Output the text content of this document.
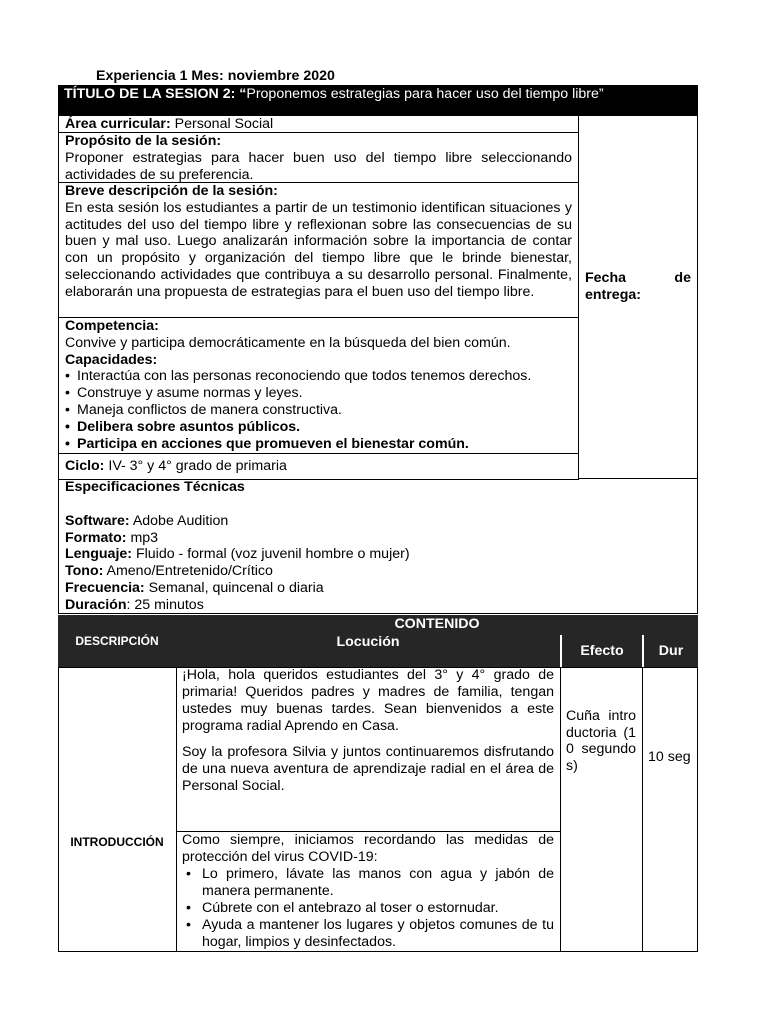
Experiencia 1 Mes: noviembre 2020
TÍTULO DE LA SESION 2: “Proponemos estrategias para hacer uso del tiempo libre”
Área curricular: Personal Social
Propósito de la sesión:
Proponer estrategias para hacer buen uso del tiempo libre seleccionando actividades de su preferencia.
Breve descripción de la sesión:
En esta sesión los estudiantes a partir de un testimonio identifican situaciones y actitudes del uso del tiempo libre y reflexionan sobre las consecuencias de su buen y mal uso. Luego analizarán información sobre la importancia de contar con un propósito y organización del tiempo libre que le brinde bienestar, seleccionando actividades que contribuya a su desarrollo personal. Finalmente, elaborarán una propuesta de estrategias para el buen uso del tiempo libre.
Competencia:
Convive y participa democráticamente en la búsqueda del bien común.
Capacidades:
• Interactúa con las personas reconociendo que todos tenemos derechos.
• Construye y asume normas y leyes.
• Maneja conflictos de manera constructiva.
• Delibera sobre asuntos públicos.
• Participa en acciones que promueven el bienestar común.
Ciclo: IV- 3° y 4° grado de primaria
Fecha de entrega:
Especificaciones Técnicas
Software: Adobe Audition
Formato: mp3
Lenguaje: Fluido - formal (voz juvenil hombre o mujer)
Tono: Ameno/Entretenido/Crítico
Frecuencia: Semanal, quincenal o diaria
Duración: 25 minutos
DESCRIPCIÓN
CONTENIDO
Locución
Efecto	Dur
INTRODUCCIÓN

¡Hola, hola queridos estudiantes del 3° y 4° grado de primaria! Queridos padres y madres de familia, tengan ustedes muy buenas tardes. Sean bienvenidos a este programa radial Aprendo en Casa.

Soy la profesora Silvia y juntos continuaremos disfrutando de una nueva aventura de aprendizaje radial en el área de Personal Social.

Como siempre, iniciamos recordando las medidas de protección del virus COVID-19:
• Lo primero, lávate las manos con agua y jabón de manera permanente.
• Cúbrete con el antebrazo al toser o estornudar.
• Ayuda a mantener los lugares y objetos comunes de tu hogar, limpios y desinfectados.
Cuña introductoria (10 segundos)
10 seg
